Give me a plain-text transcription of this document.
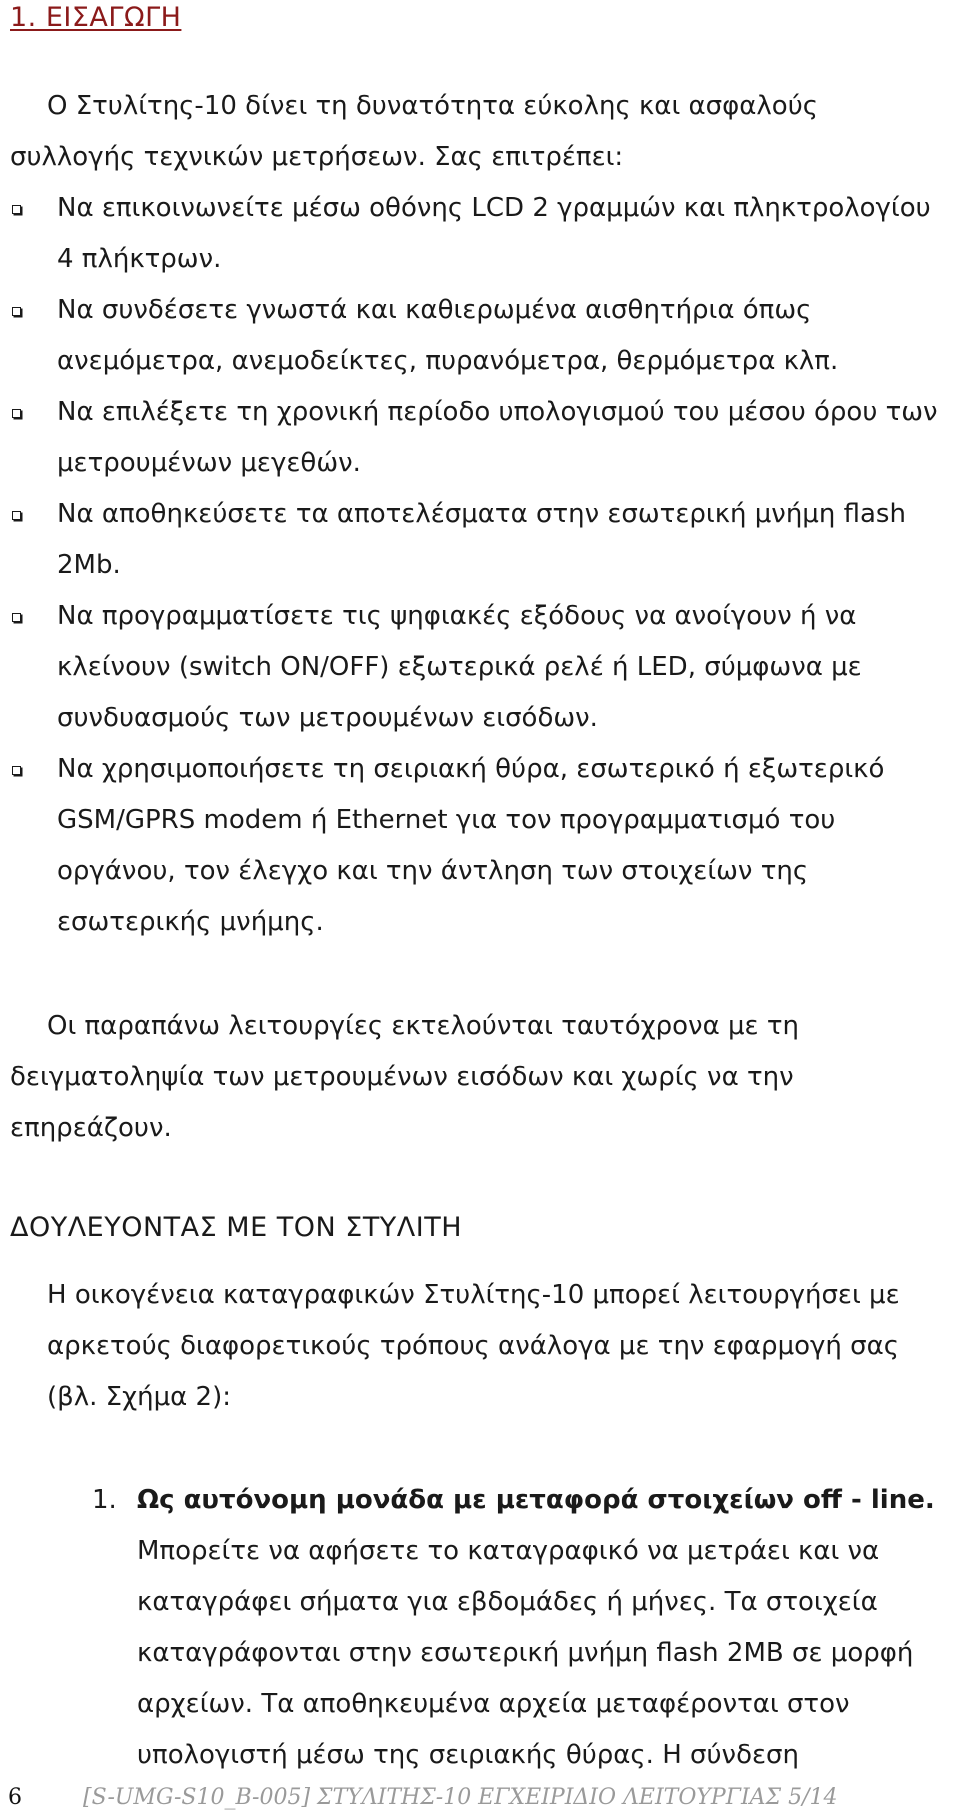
1. ΕΙΣΑΓΩΓΗ

Ο Στυλίτης-10 δίνει τη δυνατότητα εύκολης και ασφαλούς συλλογής τεχνικών μετρήσεων. Σας επιτρέπει:

Να επικοινωνείτε μέσω οθόνης LCD 2 γραμμών και πληκτρολογίου 4 πλήκτρων.
Να συνδέσετε γνωστά και καθιερωμένα αισθητήρια όπως ανεμόμετρα, ανεμοδείκτες, πυρανόμετρα, θερμόμετρα κλπ.
Να επιλέξετε τη χρονική περίοδο υπολογισμού του μέσου όρου των μετρουμένων μεγεθών.
Να αποθηκεύσετε τα αποτελέσματα στην εσωτερική μνήμη flash 2Mb.
Να προγραμματίσετε τις ψηφιακές εξόδους να ανοίγουν ή να κλείνουν (switch ON/OFF) εξωτερικά ρελέ ή LED, σύμφωνα με συνδυασμούς των μετρουμένων εισόδων.
Να χρησιμοποιήσετε τη σειριακή θύρα, εσωτερικό ή εξωτερικό GSM/GPRS modem ή Ethernet για τον προγραμματισμό του οργάνου, τον έλεγχο και την άντληση των στοιχείων της εσωτερικής μνήμης.

Οι παραπάνω λειτουργίες εκτελούνται ταυτόχρονα με τη δειγματοληψία των μετρουμένων εισόδων και χωρίς να την επηρεάζουν.

ΔΟΥΛΕΥΟΝΤΑΣ ΜΕ ΤΟΝ ΣΤΥΛΙΤΗ

Η οικογένεια καταγραφικών Στυλίτης-10 μπορεί λειτουργήσει με αρκετούς διαφορετικούς τρόπους ανάλογα με την εφαρμογή σας (βλ. Σχήμα 2):

1. Ως αυτόνομη μονάδα με μεταφορά στοιχείων off - line. Μπορείτε να αφήσετε το καταγραφικό να μετράει και να καταγράφει σήματα για εβδομάδες ή μήνες. Τα στοιχεία καταγράφονται στην εσωτερική μνήμη flash 2MB σε μορφή αρχείων. Τα αποθηκευμένα αρχεία μεταφέρονται στον υπολογιστή μέσω της σειριακής θύρας. Η σύνδεση
6	[S-UMG-S10_B-005] ΣΤΥΛΙΤΗΣ-10 ΕΓΧΕΙΡΙΔΙΟ ΛΕΙΤΟΥΡΓΙΑΣ 5/14
